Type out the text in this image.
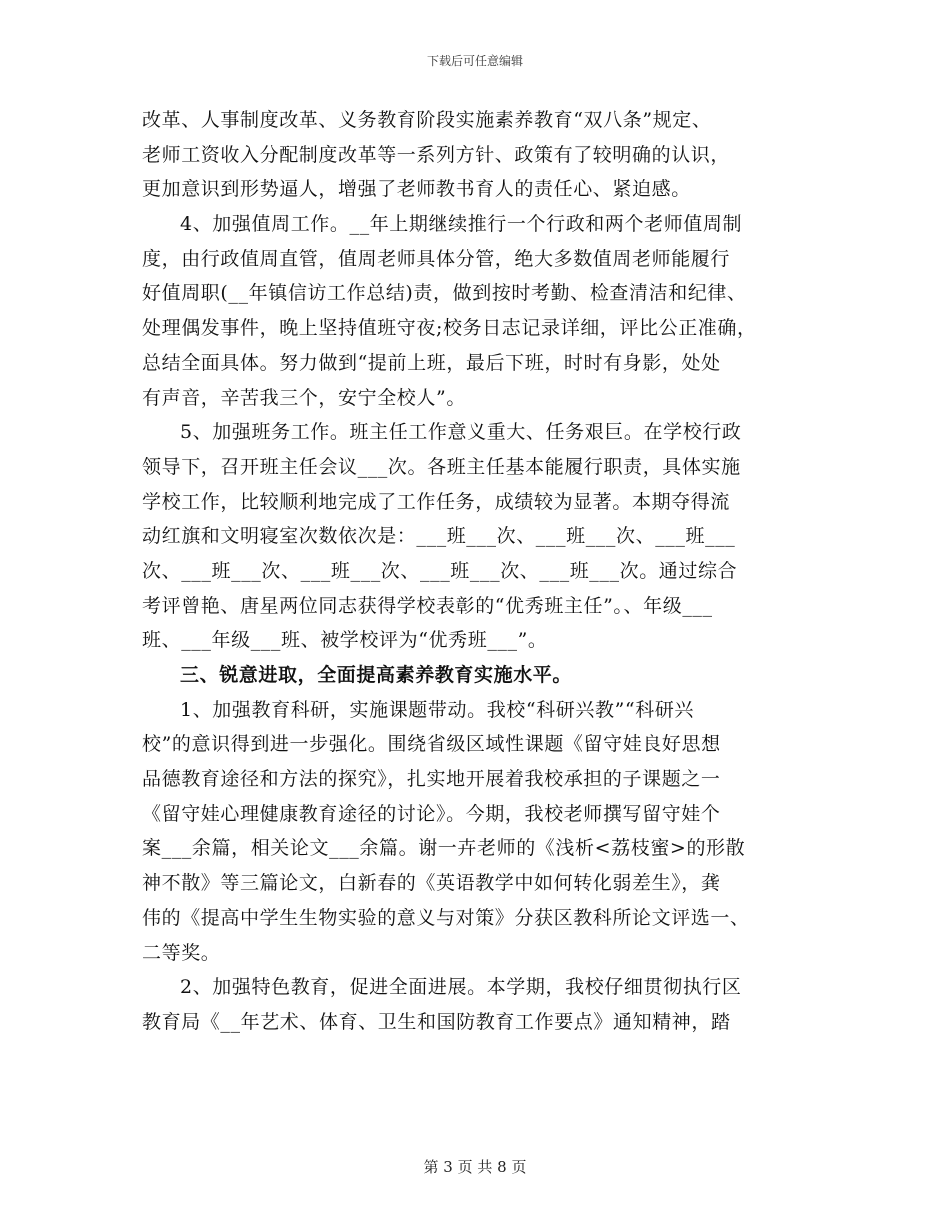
下载后可任意编辑
改革、人事制度改革、义务教育阶段实施素养教育“双八条”规定、
老师工资收入分配制度改革等一系列方针、政策有了较明确的认识，
更加意识到形势逼人，增强了老师教书育人的责任心、紧迫感。
4、加强值周工作。__年上期继续推行一个行政和两个老师值周制
度，由行政值周直管，值周老师具体分管，绝大多数值周老师能履行
好值周职(__年镇信访工作总结)责，做到按时考勤、检查清洁和纪律、
处理偶发事件，晚上坚持值班守夜;校务日志记录详细，评比公正准确，
总结全面具体。努力做到“提前上班，最后下班，时时有身影，处处
有声音，辛苦我三个，安宁全校人”。
5、加强班务工作。班主任工作意义重大、任务艰巨。在学校行政
领导下，召开班主任会议___次。各班主任基本能履行职责，具体实施
学校工作，比较顺利地完成了工作任务，成绩较为显著。本期夺得流
动红旗和文明寝室次数依次是：___班___次、___班___次、___班___
次、___班___次、___班___次、___班___次、___班___次。通过综合
考评曾艳、唐星两位同志获得学校表彰的“优秀班主任”。、年级___
班、___年级___班、被学校评为“优秀班___”。
三、锐意进取，全面提高素养教育实施水平。
1、加强教育科研，实施课题带动。我校“科研兴教”“科研兴
校”的意识得到进一步强化。围绕省级区域性课题《留守娃良好思想
品德教育途径和方法的探究》，扎实地开展着我校承担的子课题之一
《留守娃心理健康教育途径的讨论》。今期，我校老师撰写留守娃个
案___余篇，相关论文___余篇。谢一卉老师的《浅析<荔枝蜜>的形散
神不散》等三篇论文，白新春的《英语教学中如何转化弱差生》，龚
伟的《提高中学生生物实验的意义与对策》分获区教科所论文评选一、
二等奖。
2、加强特色教育，促进全面进展。本学期，我校仔细贯彻执行区
教育局《__年艺术、体育、卫生和国防教育工作要点》通知精神，踏
第 3 页 共 8 页
